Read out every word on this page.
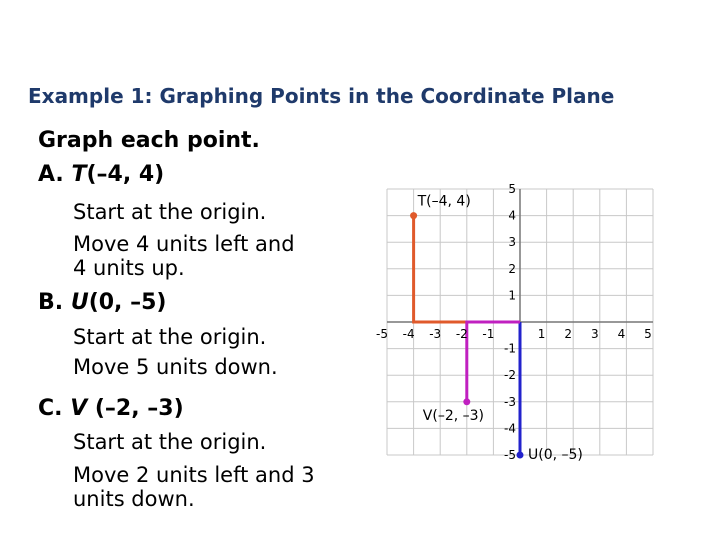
Example 1: Graphing Points in the Coordinate Plane
Graph each point.
A. T(–4, 4)
Start at the origin.
Move 4 units left and
4 units up.
B. U(0, –5)
Start at the origin.
Move 5 units down.
C. V (–2, –3)
Start at the origin.
Move 2 units left and 3
units down.
-5 -4 -3 -2 -1	1 2 3 4 5
5
4
3
2
1
-1
-2
-3
-4
-5
T(–4, 4)
U(0, –5)
V(–2, –3)
